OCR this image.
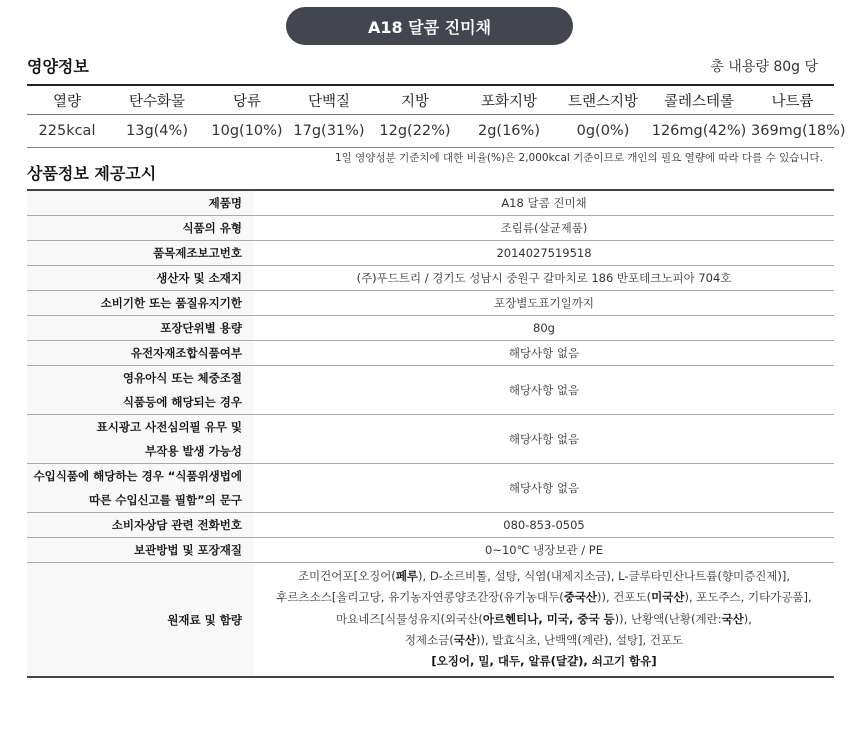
A18 달콤 진미채
영양정보	총 내용량 80g 당
열량	탄수화물	당류	단백질	지방	포화지방	트랜스지방	콜레스테롤	나트륨
225kcal	13g(4%)	10g(10%)	17g(31%)	12g(22%)	2g(16%)	0g(0%)	126mg(42%)	369mg(18%)
1일 영양성분 기준치에 대한 비율(%)은 2,000kcal 기준이므로 개인의 필요 열량에 따라 다를 수 있습니다.
상품정보 제공고시
제품명	A18 달콤 진미채
식품의 유형	조림류(살균제품)
품목제조보고번호	2014027519518
생산자 및 소재지	(주)푸드트리 / 경기도 성남시 중원구 갈마치로 186 반포테크노피아 704호
소비기한 또는 품질유지기한	포장별도표기일까지
포장단위별 용량	80g
유전자재조합식품여부	해당사항 없음
영유아식 또는 체중조절
식품등에 해당되는 경우	해당사항 없음
표시광고 사전심의필 유무 및
부작용 발생 가능성	해당사항 없음
수입식품에 해당하는 경우 “식품위생법에
따른 수입신고를 필함”의 문구	해당사항 없음
소비자상담 관련 전화번호	080-853-0505
보관방법 및 포장재질	0~10℃ 냉장보관 / PE
원재료 및 함량	조미건어포[오징어(페루), D-소르비톨, 설탕, 식염(내제지소금), L-글루타민산나트륨(향미증진제)],
후르츠소스[올리고당, 유기농자연콩양조간장(유기농대두(중국산)), 건포도(미국산), 포도주스, 기타가공품],
마요네즈[식물성유지(외국산(아르헨티나, 미국, 중국 등)), 난황액(난황(계란:국산),
정제소금(국산)), 발효식초, 난백액(계란), 설탕], 건포도
[오징어, 밀, 대두, 알류(달걀), 쇠고기 함유]
